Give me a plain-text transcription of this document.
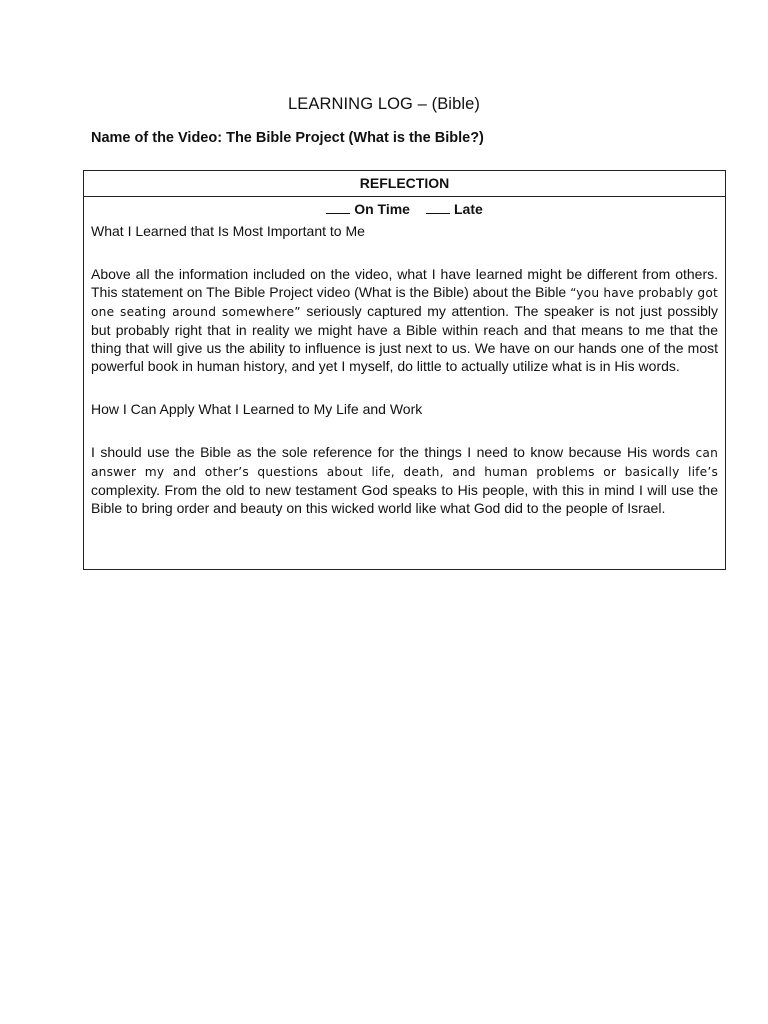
LEARNING LOG – (Bible)
Name of the Video: The Bible Project (What is the Bible?)
REFLECTION
On Time	Late
What I Learned that Is Most Important to Me
Above all the information included on the video, what I have learned might be different from others. This statement on The Bible Project video (What is the Bible) about the Bible “you have probably got one seating around somewhere” seriously captured my attention. The speaker is not just possibly but probably right that in reality we might have a Bible within reach and that means to me that the thing that will give us the ability to influence is just next to us. We have on our hands one of the most powerful book in human history, and yet I myself, do little to actually utilize what is in His words.
How I Can Apply What I Learned to My Life and Work
I should use the Bible as the sole reference for the things I need to know because His words can answer my and other’s questions about life, death, and human problems or basically life’s complexity. From the old to new testament God speaks to His people, with this in mind I will use the Bible to bring order and beauty on this wicked world like what God did to the people of Israel.
